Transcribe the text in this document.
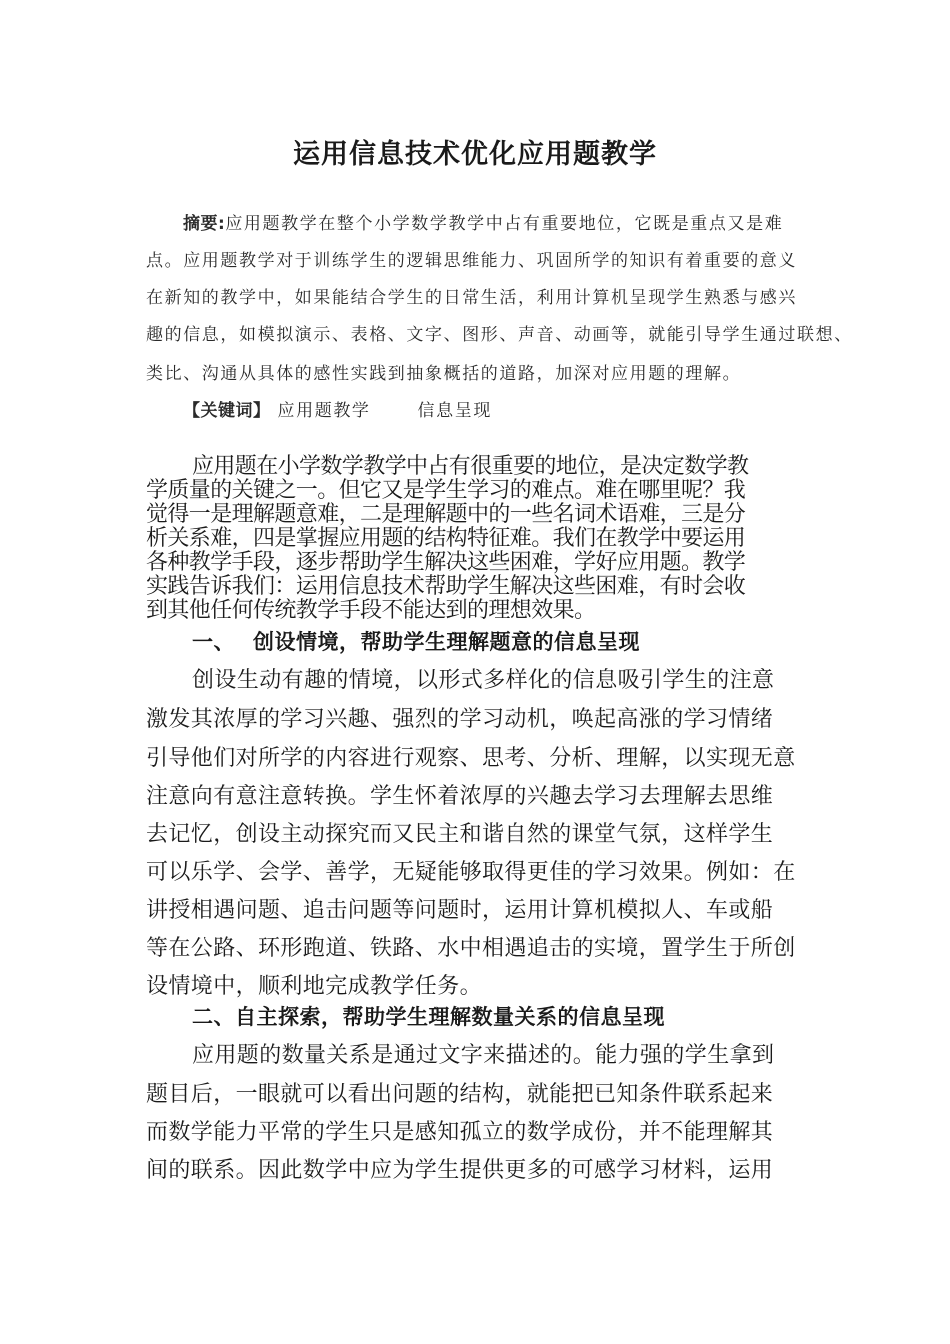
运用信息技术优化应用题教学
摘要:应用题教学在整个小学数学教学中占有重要地位，它既是重点又是难
点。应用题教学对于训练学生的逻辑思维能力、巩固所学的知识有着重要的意义
在新知的教学中，如果能结合学生的日常生活，利用计算机呈现学生熟悉与感兴
趣的信息，如模拟演示、表格、文字、图形、声音、动画等，就能引导学生通过联想、
类比、沟通从具体的感性实践到抽象概括的道路，加深对应用题的理解。
【关键词】 应用题教学	信息呈现
应用题在小学数学教学中占有很重要的地位，是决定数学教
学质量的关键之一。但它又是学生学习的难点。难在哪里呢？我
觉得一是理解题意难，二是理解题中的一些名词术语难，三是分
析关系难，四是掌握应用题的结构特征难。我们在教学中要运用
各种教学手段，逐步帮助学生解决这些困难，学好应用题。教学
实践告诉我们：运用信息技术帮助学生解决这些困难，有时会收
到其他任何传统教学手段不能达到的理想效果。
一、 创设情境，帮助学生理解题意的信息呈现
创设生动有趣的情境，以形式多样化的信息吸引学生的注意
激发其浓厚的学习兴趣、强烈的学习动机，唤起高涨的学习情绪
引导他们对所学的内容进行观察、思考、分析、理解，以实现无意
注意向有意注意转换。学生怀着浓厚的兴趣去学习去理解去思维
去记忆，创设主动探究而又民主和谐自然的课堂气氛，这样学生
可以乐学、会学、善学，无疑能够取得更佳的学习效果。例如：在
讲授相遇问题、追击问题等问题时，运用计算机模拟人、车或船
等在公路、环形跑道、铁路、水中相遇追击的实境，置学生于所创
设情境中，顺利地完成教学任务。
二、自主探索，帮助学生理解数量关系的信息呈现
应用题的数量关系是通过文字来描述的。能力强的学生拿到
题目后，一眼就可以看出问题的结构，就能把已知条件联系起来
而数学能力平常的学生只是感知孤立的数学成份，并不能理解其
间的联系。因此数学中应为学生提供更多的可感学习材料，运用
